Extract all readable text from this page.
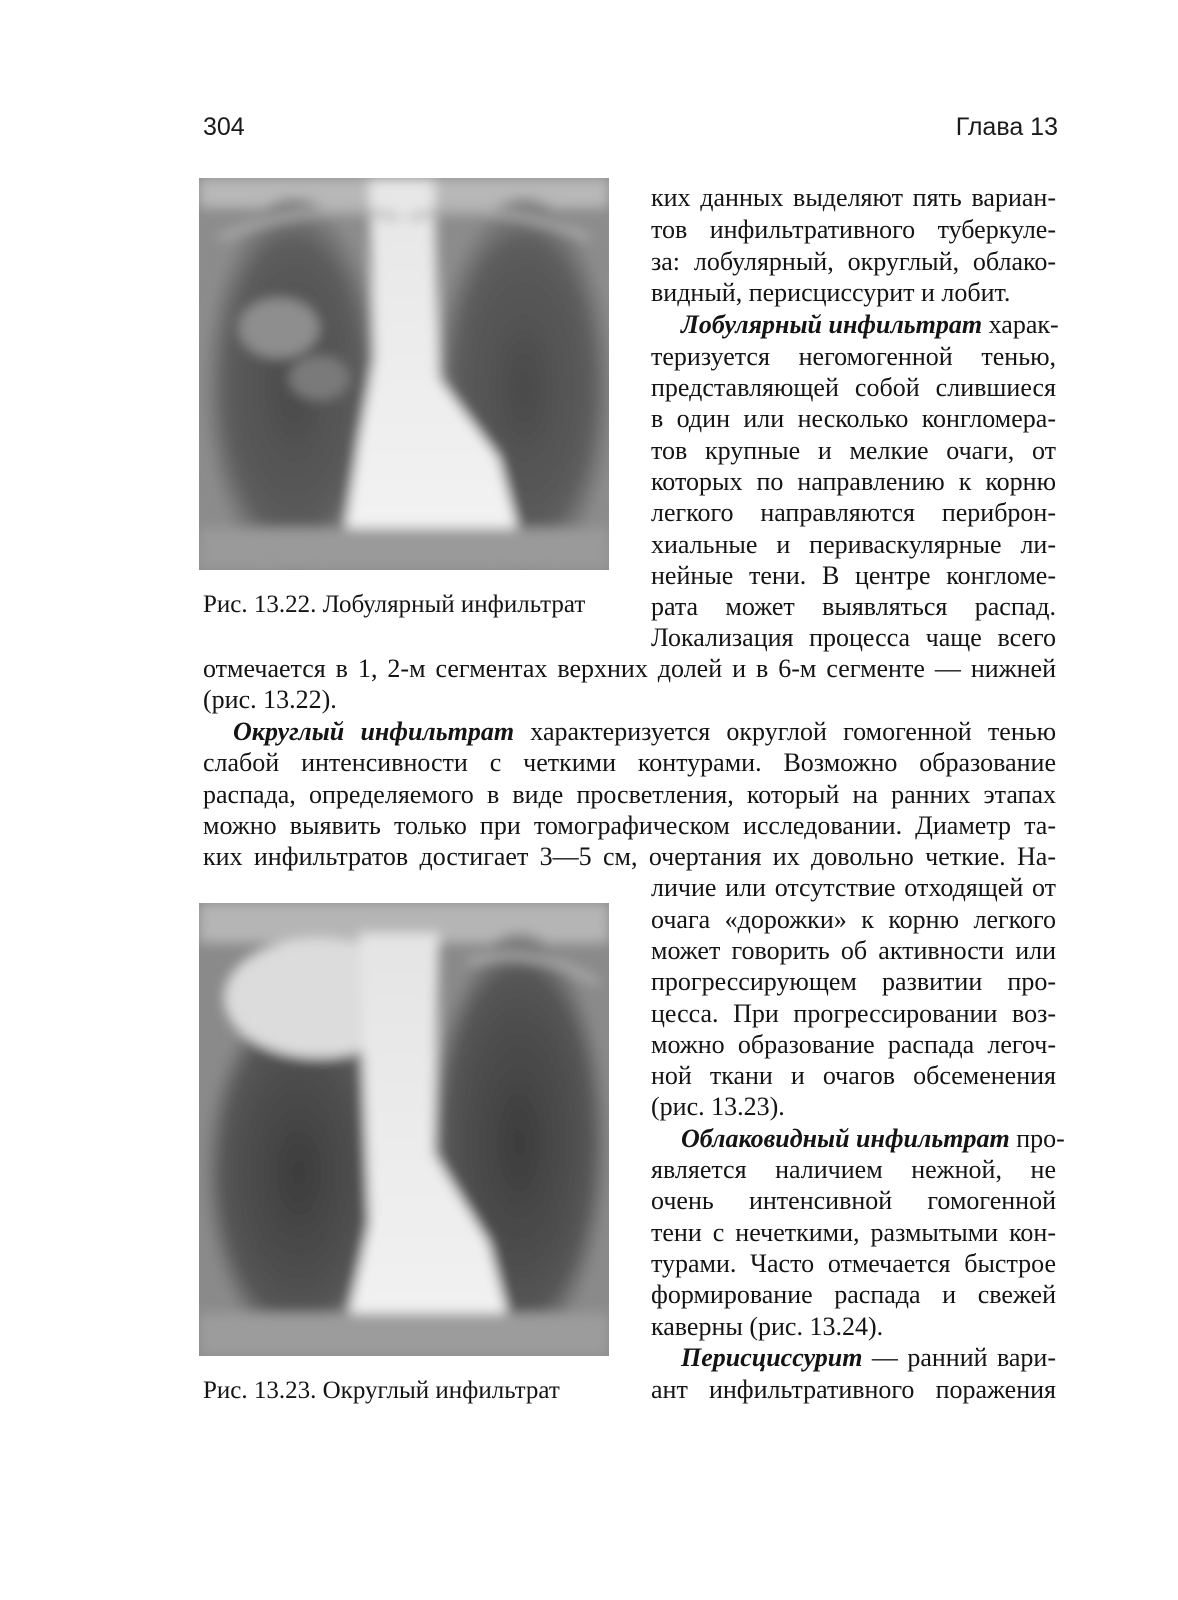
304	Глава 13
Рис. 13.22. Лобулярный инфильтрат
Рис. 13.23. Округлый инфильтрат
ких данных выделяют пять вариан-
тов инфильтративного туберкуле-
за: лобулярный, округлый, облако-
видный, перисциссурит и лобит.
Лобулярный инфильтрат харак-
теризуется негомогенной тенью,
представляющей собой слившиеся
в один или несколько конгломера-
тов крупные и мелкие очаги, от
которых по направлению к корню
легкого направляются периброн-
хиальные и периваскулярные ли-
нейные тени. В центре конгломе-
рата может выявляться распад.
Локализация процесса чаще всего
отмечается в 1, 2-м сегментах верхних долей и в 6-м сегменте — нижней
(рис. 13.22).
Округлый инфильтрат характеризуется округлой гомогенной тенью
слабой интенсивности с четкими контурами. Возможно образование
распада, определяемого в виде просветления, который на ранних этапах
можно выявить только при томографическом исследовании. Диаметр та-
ких инфильтратов достигает 3—5 см, очертания их довольно четкие. На-
личие или отсутствие отходящей от
очага «дорожки» к корню легкого
может говорить об активности или
прогрессирующем развитии про-
цесса. При прогрессировании воз-
можно образование распада легоч-
ной ткани и очагов обсеменения
(рис. 13.23).
Облаковидный инфильтрат про-
является наличием нежной, не
очень интенсивной гомогенной
тени с нечеткими, размытыми кон-
турами. Часто отмечается быстрое
формирование распада и свежей
каверны (рис. 13.24).
Перисциссурит — ранний вари-
ант инфильтративного поражения
